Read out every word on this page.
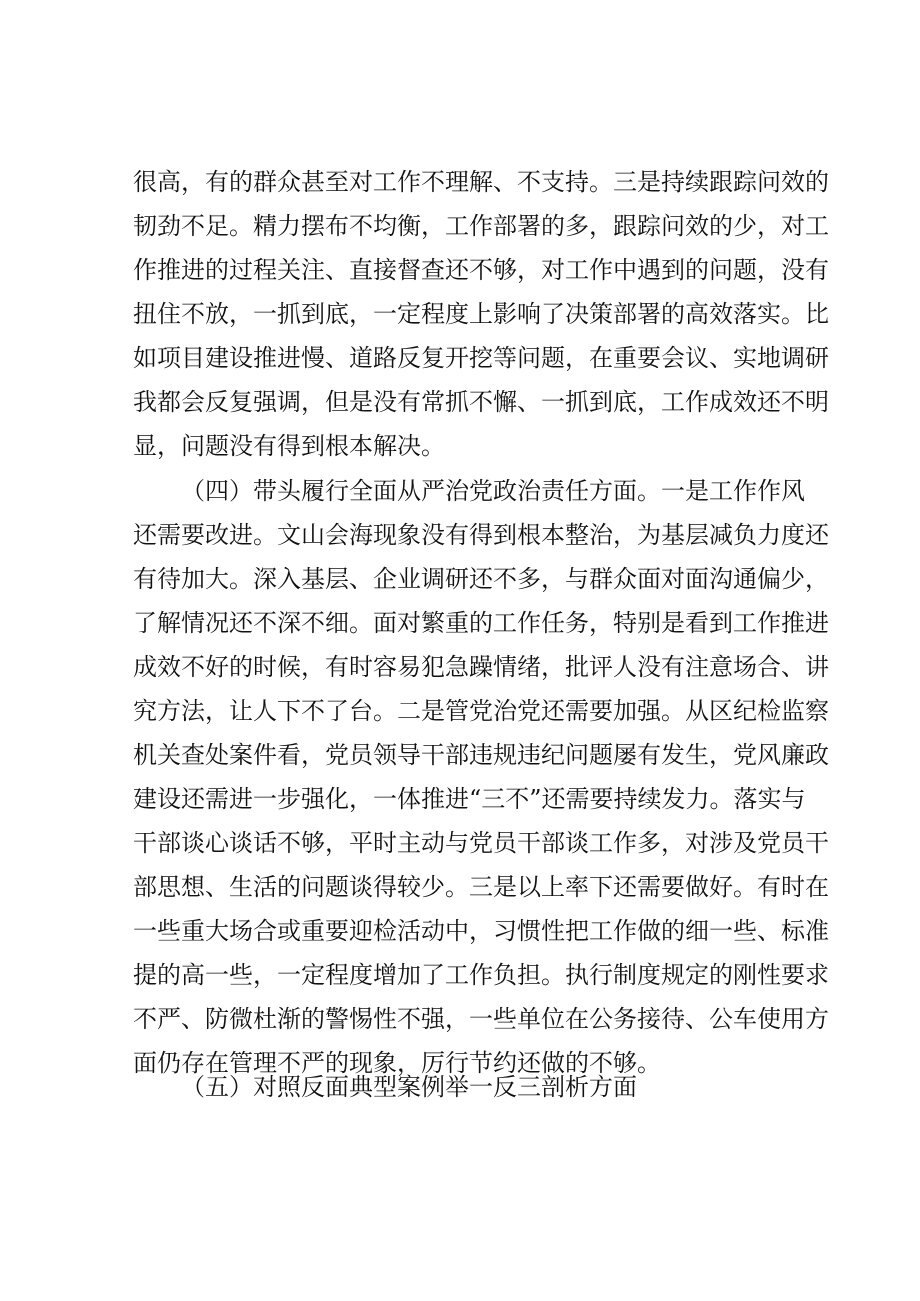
很高，有的群众甚至对工作不理解、不支持。三是持续跟踪问效的
韧劲不足。精力摆布不均衡，工作部署的多，跟踪问效的少，对工
作推进的过程关注、直接督查还不够，对工作中遇到的问题，没有
扭住不放，一抓到底，一定程度上影响了决策部署的高效落实。比
如项目建设推进慢、道路反复开挖等问题，在重要会议、实地调研
我都会反复强调，但是没有常抓不懈、一抓到底，工作成效还不明
显，问题没有得到根本解决。
（四）带头履行全面从严治党政治责任方面。一是工作作风
还需要改进。文山会海现象没有得到根本整治，为基层减负力度还
有待加大。深入基层、企业调研还不多，与群众面对面沟通偏少，
了解情况还不深不细。面对繁重的工作任务，特别是看到工作推进
成效不好的时候，有时容易犯急躁情绪，批评人没有注意场合、讲
究方法，让人下不了台。二是管党治党还需要加强。从区纪检监察
机关查处案件看，党员领导干部违规违纪问题屡有发生，党风廉政
建设还需进一步强化，一体推进“三不”还需要持续发力。落实与
干部谈心谈话不够，平时主动与党员干部谈工作多，对涉及党员干
部思想、生活的问题谈得较少。三是以上率下还需要做好。有时在
一些重大场合或重要迎检活动中，习惯性把工作做的细一些、标准
提的高一些，一定程度增加了工作负担。执行制度规定的刚性要求
不严、防微杜渐的警惕性不强，一些单位在公务接待、公车使用方
面仍存在管理不严的现象，厉行节约还做的不够。
（五）对照反面典型案例举一反三剖析方面
